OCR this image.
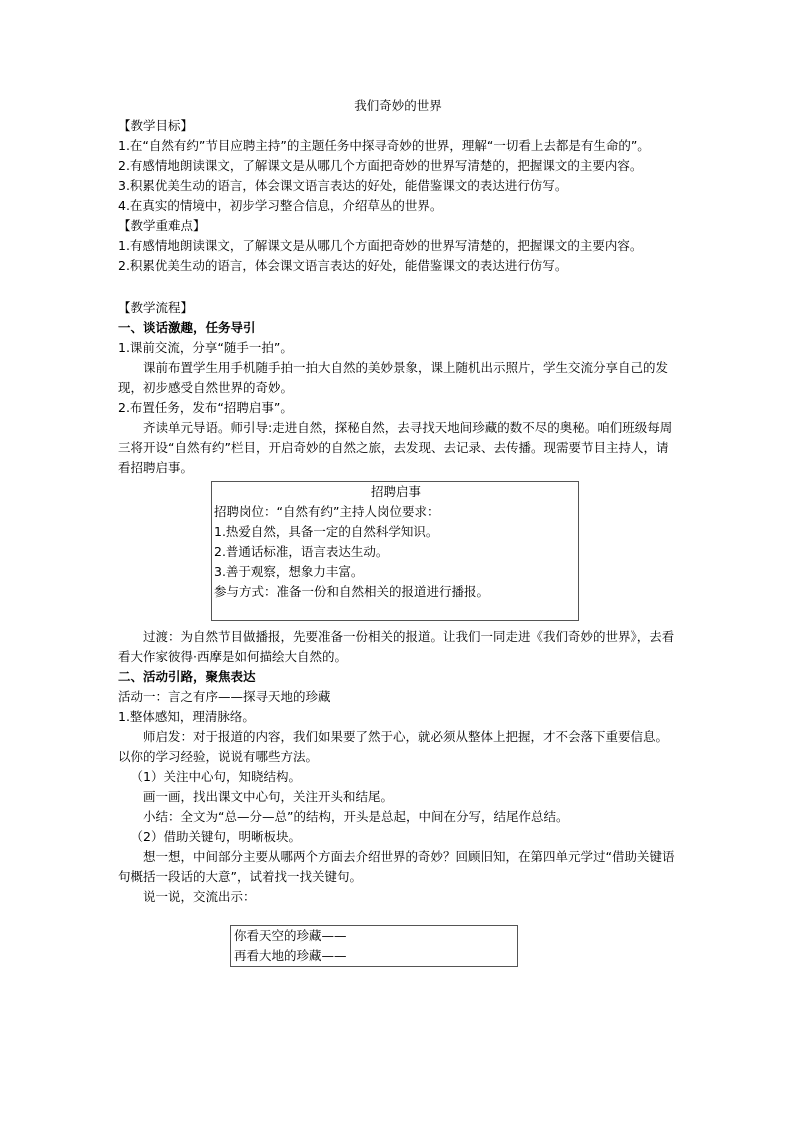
我们奇妙的世界

【教学目标】

1.在“自然有约”节目应聘主持”的主题任务中探寻奇妙的世界，理解“一切看上去都是有生命的”。

2.有感情地朗读课文，了解课文是从哪几个方面把奇妙的世界写清楚的，把握课文的主要内容。

3.积累优美生动的语言，体会课文语言表达的好处，能借鉴课文的表达进行仿写。

4.在真实的情境中，初步学习整合信息，介绍草丛的世界。

【教学重难点】

1.有感情地朗读课文，了解课文是从哪几个方面把奇妙的世界写清楚的，把握课文的主要内容。

2.积累优美生动的语言，体会课文语言表达的好处，能借鉴课文的表达进行仿写。

【教学流程】

一、谈话激趣，任务导引

1.课前交流，分享“随手一拍”。

课前布置学生用手机随手拍一拍大自然的美妙景象，课上随机出示照片，学生交流分享自己的发现，初步感受自然世界的奇妙。

2.布置任务，发布“招聘启事”。

齐读单元导语。师引导:走进自然，探秘自然，去寻找天地间珍藏的数不尽的奥秘。咱们班级每周三将开设“自然有约”栏目，开启奇妙的自然之旅，去发现、去记录、去传播。现需要节目主持人，请看招聘启事。

招聘启事

招聘岗位：“自然有约”主持人岗位要求：

1.热爱自然，具备一定的自然科学知识。

2.普通话标准，语言表达生动。

3.善于观察，想象力丰富。

参与方式：准备一份和自然相关的报道进行播报。

过渡：为自然节目做播报，先要准备一份相关的报道。让我们一同走进《我们奇妙的世界》，去看看大作家彼得·西摩是如何描绘大自然的。

二、活动引路，聚焦表达

活动一：言之有序——探寻天地的珍藏

1.整体感知，理清脉络。

师启发：对于报道的内容，我们如果要了然于心，就必须从整体上把握，才不会落下重要信息。以你的学习经验，说说有哪些方法。

（1）关注中心句，知晓结构。

画一画，找出课文中心句，关注开头和结尾。

小结：全文为“总—分—总”的结构，开头是总起，中间在分写，结尾作总结。

（2）借助关键句，明晰板块。

想一想，中间部分主要从哪两个方面去介绍世界的奇妙？回顾旧知，在第四单元学过“借助关键语句概括一段话的大意”，试着找一找关键句。

说一说，交流出示：

你看天空的珍藏——

再看大地的珍藏——
